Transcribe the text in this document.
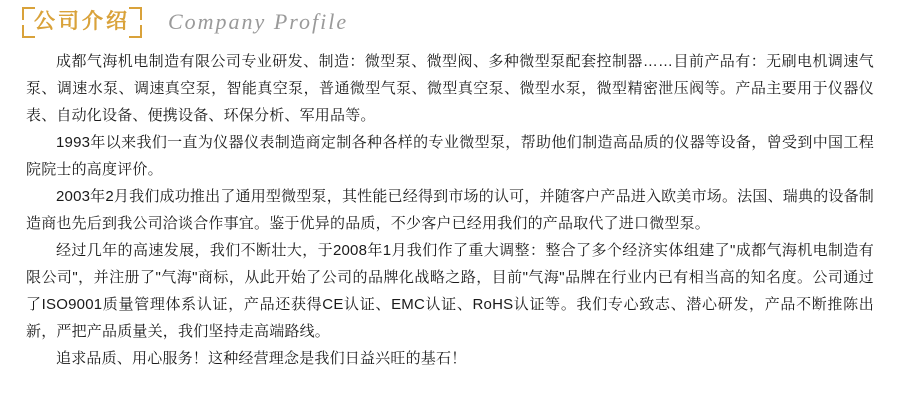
公司介绍 Company Profile

成都气海机电制造有限公司专业研发、制造：微型泵、微型阀、多种微型泵配套控制器……目前产品有：无刷电机调速气泵、调速水泵、调速真空泵，智能真空泵，普通微型气泵、微型真空泵、微型水泵，微型精密泄压阀等。产品主要用于仪器仪表、自动化设备、便携设备、环保分析、军用品等。

1993年以来我们一直为仪器仪表制造商定制各种各样的专业微型泵，帮助他们制造高品质的仪器等设备，曾受到中国工程院院士的高度评价。

2003年2月我们成功推出了通用型微型泵，其性能已经得到市场的认可，并随客户产品进入欧美市场。法国、瑞典的设备制造商也先后到我公司洽谈合作事宜。鉴于优异的品质，不少客户已经用我们的产品取代了进口微型泵。

经过几年的高速发展，我们不断壮大，于2008年1月我们作了重大调整：整合了多个经济实体组建了"成都气海机电制造有限公司"，并注册了"气海"商标，从此开始了公司的品牌化战略之路，目前"气海"品牌在行业内已有相当高的知名度。公司通过了ISO9001质量管理体系认证，产品还获得CE认证、EMC认证、RoHS认证等。我们专心致志、潜心研发，产品不断推陈出新，严把产品质量关，我们坚持走高端路线。

追求品质、用心服务！这种经营理念是我们日益兴旺的基石！
